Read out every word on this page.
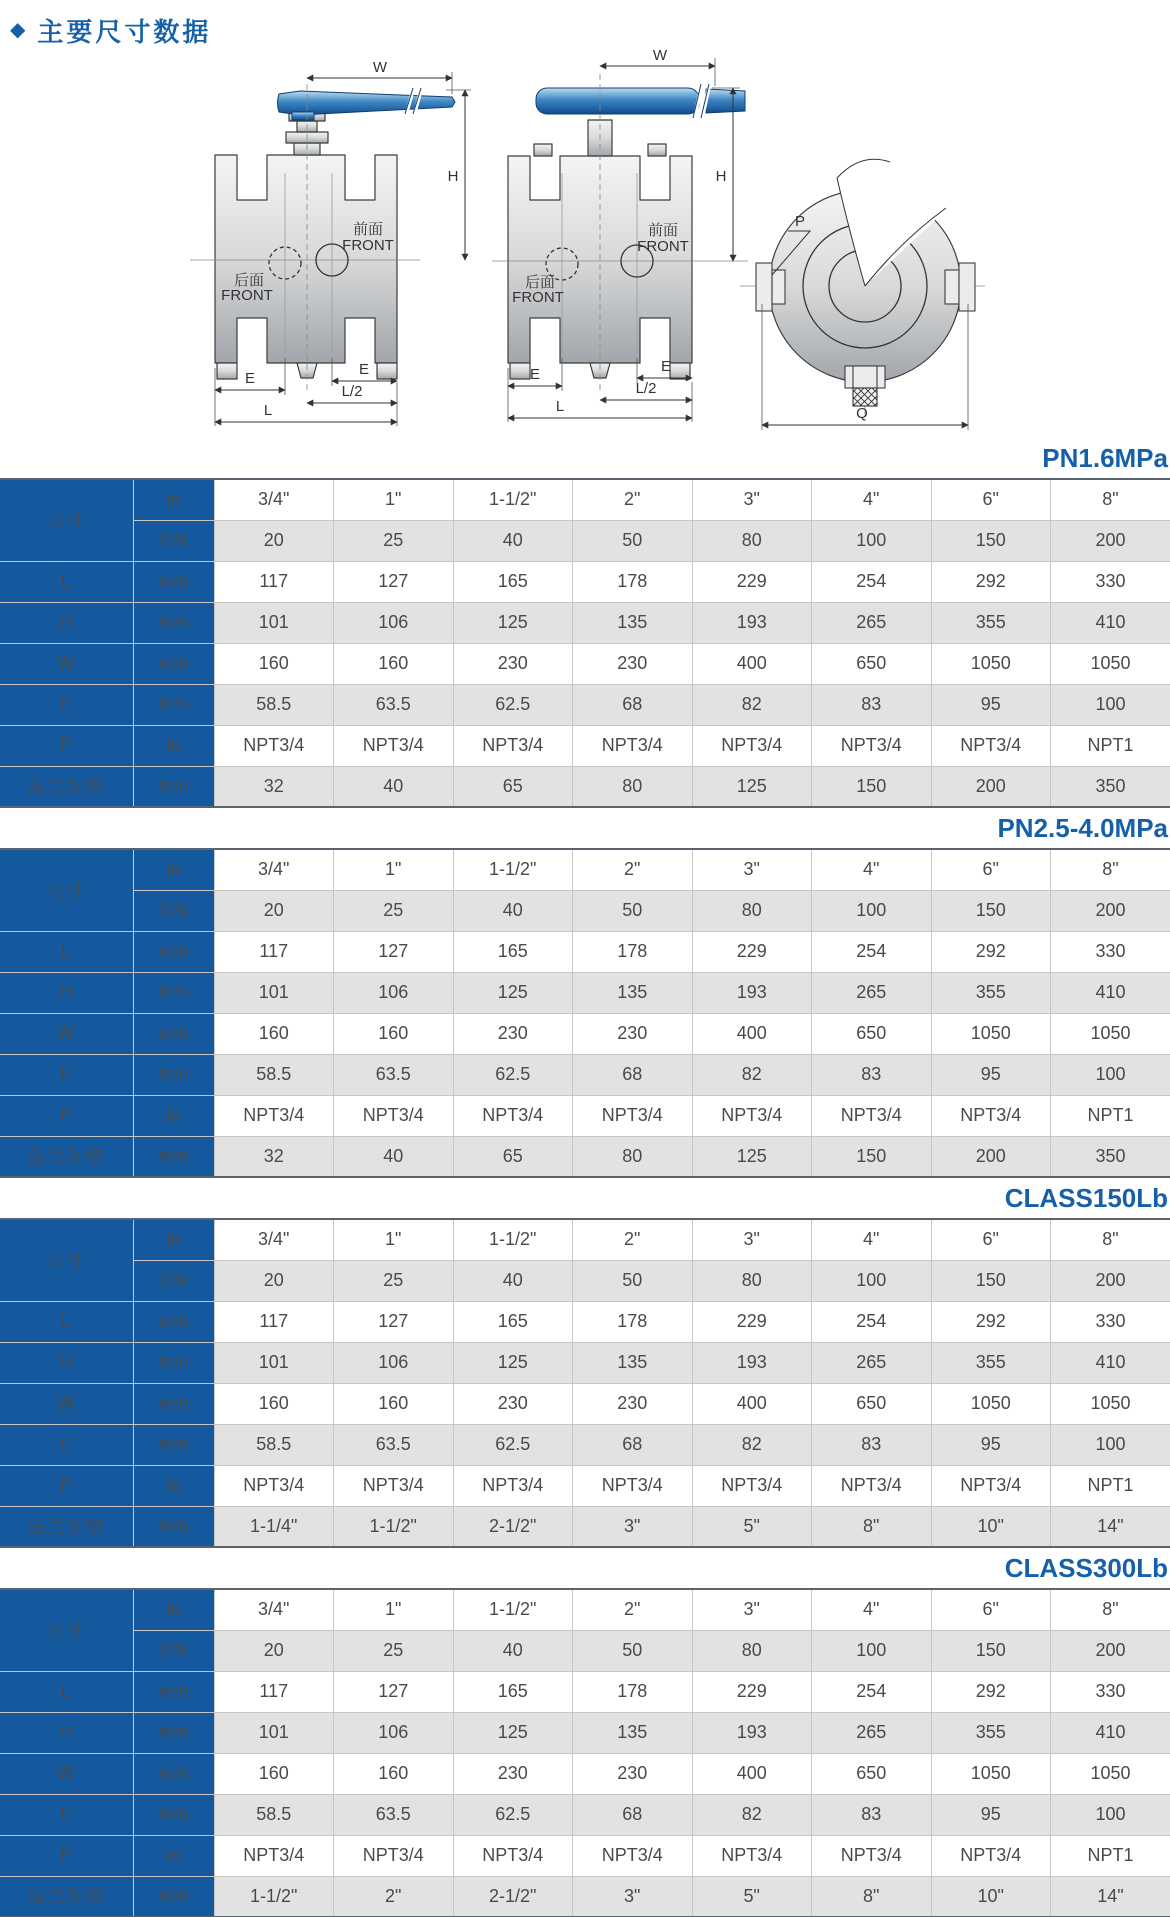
◆ 主要尺寸数据
前面
FRONT
后面
FRONT
W
H
E
E
L/2
L
前面
FRONT
后面
FRONT
W
H
E	E
L/2
L
P
Q
PN1.6MPa
尺寸	in	3/4"	1"	1-1/2"	2"	3"	4"	6"	8"
	DN	20	25	40	50	80	100	150	200
L	mm	117	127	165	178	229	254	292	330
H	mm	101	106	125	135	193	265	355	410
W	mm	160	160	230	230	400	650	1050	1050
E	mm	58.5	63.5	62.5	68	82	83	95	100
P	in	NPT3/4	NPT3/4	NPT3/4	NPT3/4	NPT3/4	NPT3/4	NPT3/4	NPT1
法兰规格	mm	32	40	65	80	125	150	200	350
PN2.5-4.0MPa
尺寸	in	3/4"	1"	1-1/2"	2"	3"	4"	6"	8"
	DN	20	25	40	50	80	100	150	200
L	mm	117	127	165	178	229	254	292	330
H	mm	101	106	125	135	193	265	355	410
W	mm	160	160	230	230	400	650	1050	1050
E	mm	58.5	63.5	62.5	68	82	83	95	100
P	in	NPT3/4	NPT3/4	NPT3/4	NPT3/4	NPT3/4	NPT3/4	NPT3/4	NPT1
法兰规格	mm	32	40	65	80	125	150	200	350
CLASS150Lb
尺寸	in	3/4"	1"	1-1/2"	2"	3"	4"	6"	8"
	DN	20	25	40	50	80	100	150	200
L	mm	117	127	165	178	229	254	292	330
H	mm	101	106	125	135	193	265	355	410
W	mm	160	160	230	230	400	650	1050	1050
E	mm	58.5	63.5	62.5	68	82	83	95	100
P	in	NPT3/4	NPT3/4	NPT3/4	NPT3/4	NPT3/4	NPT3/4	NPT3/4	NPT1
法兰规格	mm	1-1/4"	1-1/2"	2-1/2"	3"	5"	8"	10"	14"
CLASS300Lb
尺寸	in	3/4"	1"	1-1/2"	2"	3"	4"	6"	8"
	DN	20	25	40	50	80	100	150	200
L	mm	117	127	165	178	229	254	292	330
H	mm	101	106	125	135	193	265	355	410
W	mm	160	160	230	230	400	650	1050	1050
E	mm	58.5	63.5	62.5	68	82	83	95	100
P	in	NPT3/4	NPT3/4	NPT3/4	NPT3/4	NPT3/4	NPT3/4	NPT3/4	NPT1
法兰规格	mm	1-1/2"	2"	2-1/2"	3"	5"	8"	10"	14"
